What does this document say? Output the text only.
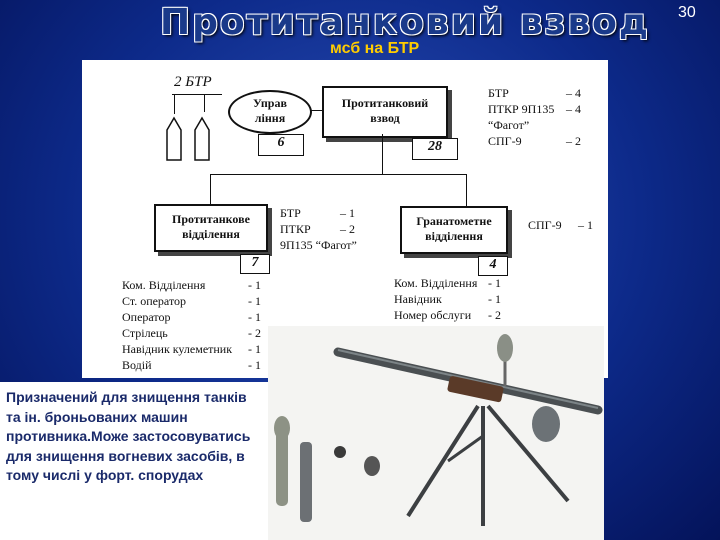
Протитанковий взвод	30
мсб на БТР
2 БТР
Управ
ління
6
Протитанковий
взвод
28
БТР	– 4
ПТКР 9П135 – 4
“Фагот”
СПГ-9	– 2
Протитанкове
відділення
7
БТР	– 1
ПТКР – 2
9П135 “Фагот”
Гранатометне
відділення
4
СПГ-9 – 1
Ком. Відділення	- 1
Ст. оператор	- 1
Оператор	- 1
Стрілець	- 2
Навідник кулеметник - 1
Водій	- 1
Ком. Відділення - 1
Навідник	- 1
Номер обслуги - 2

Призначений для знищення танків та ін. броньованих машин противника.Може застосовуватись для знищення вогневих засобів, в тому числі у форт. спорудах
